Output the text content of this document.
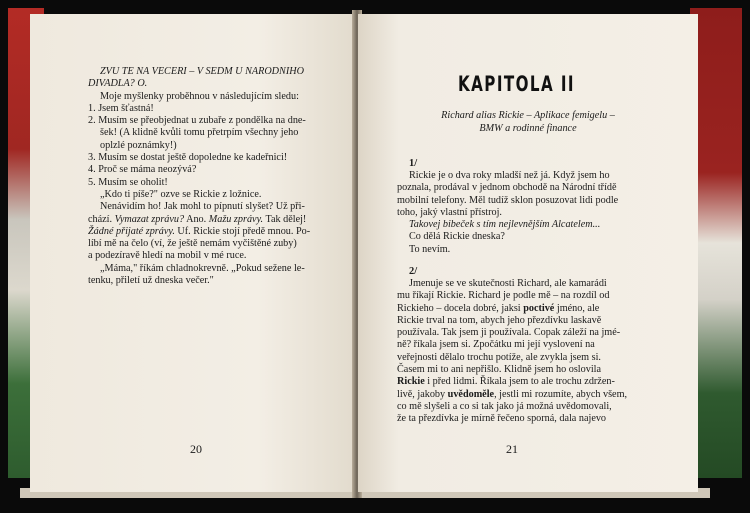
ZVU TE NA VECERI – V SEDM U NARODNIHO

DIVADLA? O.

Moje myšlenky proběhnou v následujícím sledu:

1. Jsem šťastná!

2. Musím se přeobjednat u zubaře z pondělka na dne-

šek! (A klidně kvůli tomu přetrpím všechny jeho

oplzlé poznámky!)

3. Musím se dostat ještě dopoledne ke kadeřnici!

4. Proč se máma neozývá?

5. Musím se oholit!

„Kdo ti píše?" ozve se Rickie z ložnice.

Nenávidím ho! Jak mohl to pípnutí slyšet? Už při-

chází. Vymazat zprávu? Ano. Mažu zprávy. Tak dělej!

Žádné přijaté zprávy. Uf. Rickie stojí předě mnou. Po-

líbí mě na čelo (ví, že ještě nemám vyčištěné zuby)

a podezíravě hledí na mobil v mé ruce.

„Máma," říkám chladnokrevně. „Pokud sežene le-

tenku, přiletí už dneska večer."

20
KAPITOLA II
Richard alias Rickie – Aplikace femigelu –
BMW a rodinné finance
1/

Rickie je o dva roky mladší než já. Když jsem ho

poznala, prodával v jednom obchodě na Národní třídě

mobilní telefony. Měl tudíž sklon posuzovat lidi podle

toho, jaký vlastní přístroj.

Takovej bibeček s tím nejlevnějším Alcatelem...

Co dělá Rickie dneska?

To nevím.

2/

Jmenuje se ve skutečnosti Richard, ale kamarádi

mu říkají Rickie. Richard je podle mě – na rozdíl od

Rickieho – docela dobré, jaksi poctivé jméno, ale

Rickie trval na tom, abych jeho přezdívku laskavě

používala. Tak jsem ji používala. Copak záleží na jmé-

ně? říkala jsem si. Zpočátku mi její vyslovení na

veřejnosti dělalo trochu potíže, ale zvykla jsem si.

Časem mi to ani nepřišlo. Klidně jsem ho oslovila

Rickie i před lidmi. Říkala jsem to ale trochu zdržen-

livě, jakoby uvědoměle, jestli mi rozumíte, abych všem,

co mě slyšeli a co si tak jako já možná uvědomovali,

že ta přezdívka je mírně řečeno sporná, dala najevo

21
